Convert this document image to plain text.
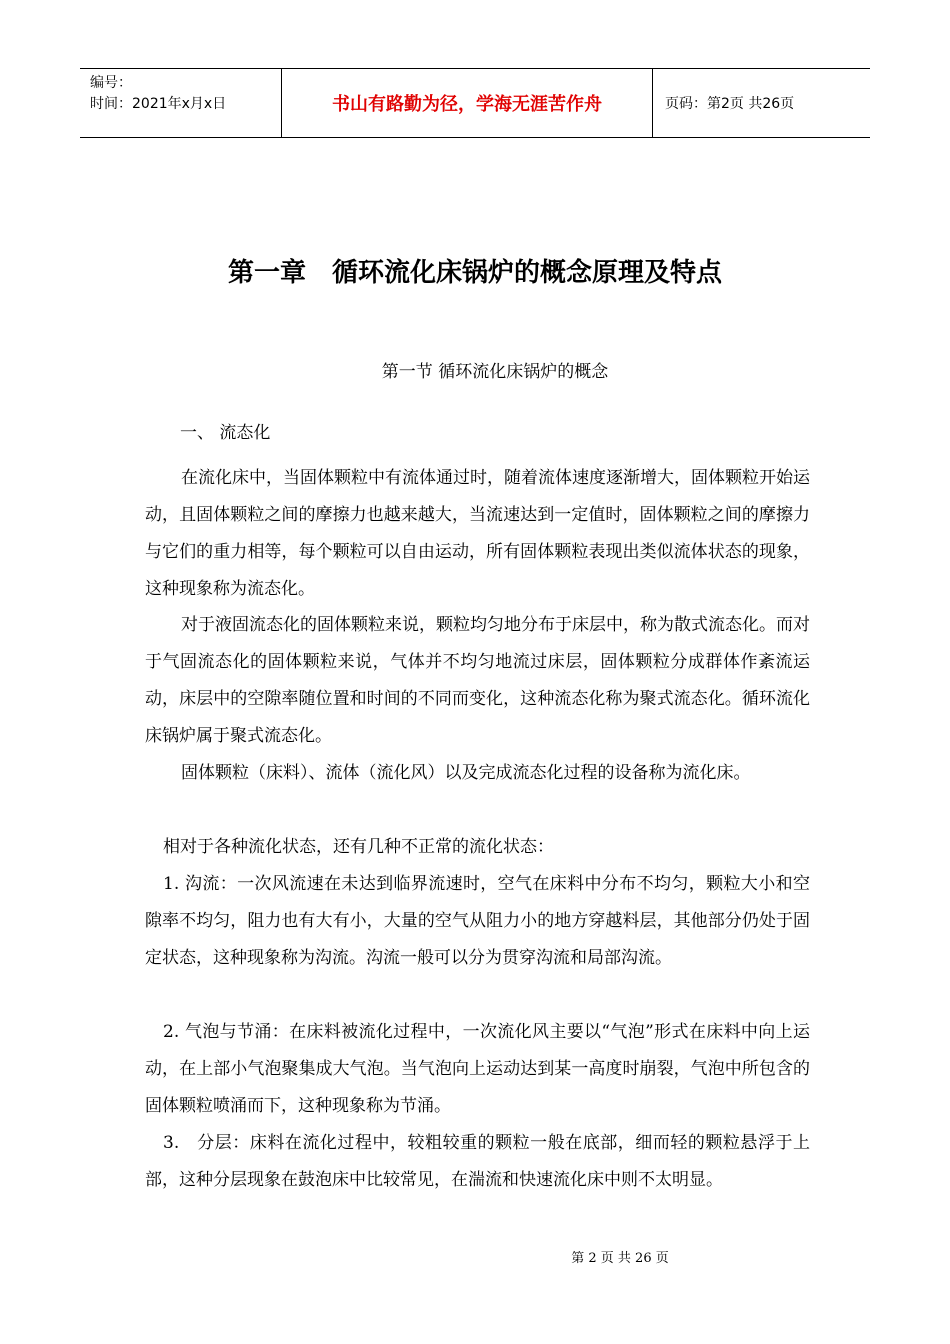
编号：
时间：2021年x月x日	书山有路勤为径，学海无涯苦作舟	页码：第2页 共26页
第一章　循环流化床锅炉的概念原理及特点
第一节 循环流化床锅炉的概念
一、 流态化

在流化床中，当固体颗粒中有流体通过时，随着流体速度逐渐增大，固体颗粒开始运动，且固体颗粒之间的摩擦力也越来越大，当流速达到一定值时，固体颗粒之间的摩擦力与它们的重力相等，每个颗粒可以自由运动，所有固体颗粒表现出类似流体状态的现象，这种现象称为流态化。

对于液固流态化的固体颗粒来说，颗粒均匀地分布于床层中，称为散式流态化。而对于气固流态化的固体颗粒来说，气体并不均匀地流过床层，固体颗粒分成群体作紊流运动，床层中的空隙率随位置和时间的不同而变化，这种流态化称为聚式流态化。循环流化床锅炉属于聚式流态化。

固体颗粒（床料）、流体（流化风）以及完成流态化过程的设备称为流化床。

相对于各种流化状态，还有几种不正常的流化状态：

1. 沟流：一次风流速在未达到临界流速时，空气在床料中分布不均匀，颗粒大小和空隙率不均匀，阻力也有大有小，大量的空气从阻力小的地方穿越料层，其他部分仍处于固定状态，这种现象称为沟流。沟流一般可以分为贯穿沟流和局部沟流。

2. 气泡与节涌：在床料被流化过程中，一次流化风主要以“气泡”形式在床料中向上运动，在上部小气泡聚集成大气泡。当气泡向上运动达到某一高度时崩裂，气泡中所包含的固体颗粒喷涌而下，这种现象称为节涌。

3.　分层：床料在流化过程中，较粗较重的颗粒一般在底部，细而轻的颗粒悬浮于上部，这种分层现象在鼓泡床中比较常见，在湍流和快速流化床中则不太明显。

第 2 页 共 26 页
